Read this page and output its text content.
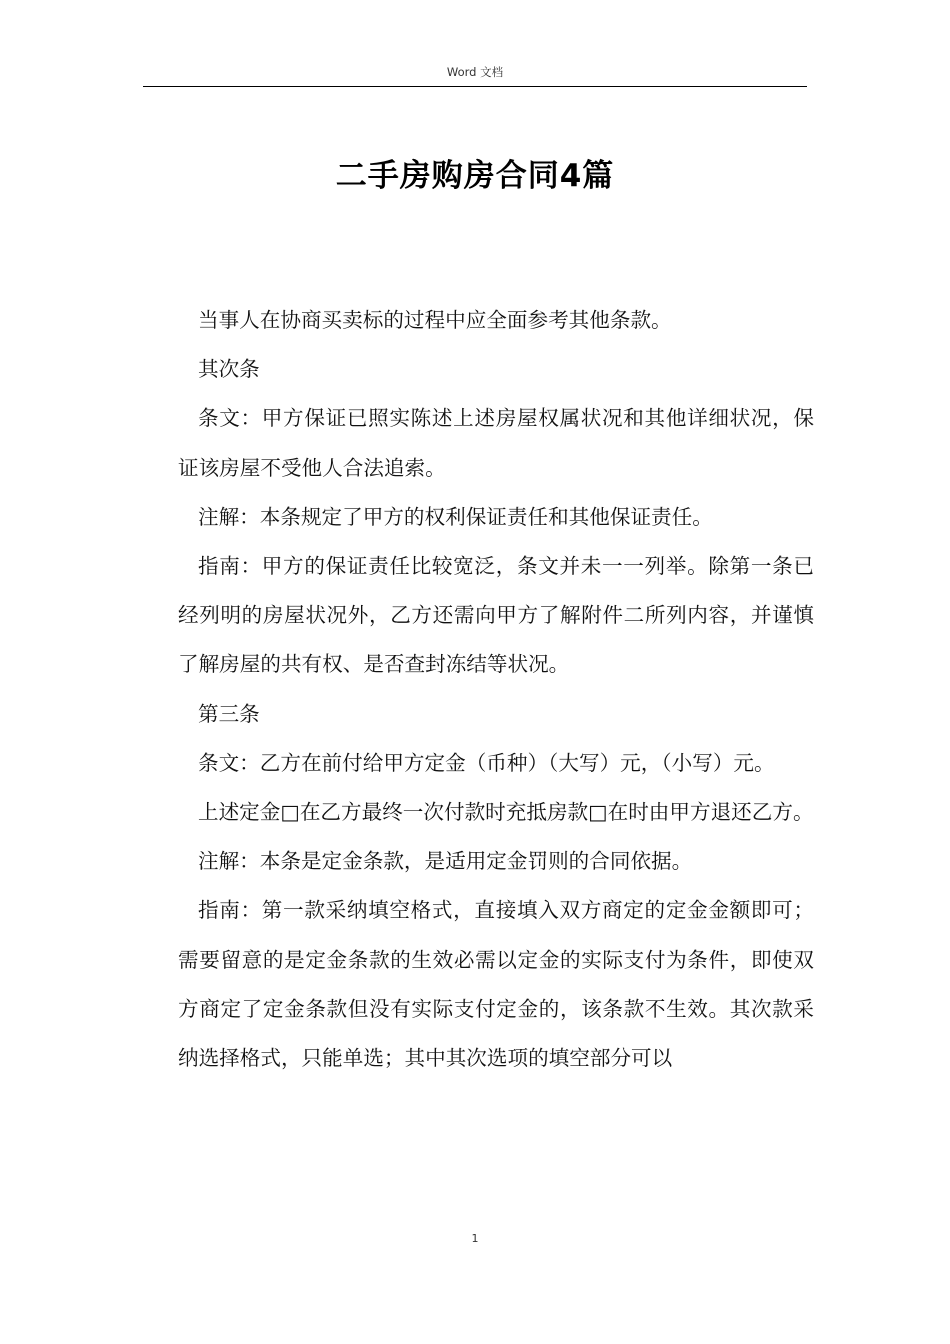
Word 文档
二手房购房合同4篇

当事人在协商买卖标的过程中应全面参考其他条款。

其次条

条文：甲方保证已照实陈述上述房屋权属状况和其他详细状况，保证该房屋不受他人合法追索。

注解：本条规定了甲方的权利保证责任和其他保证责任。

指南：甲方的保证责任比较宽泛，条文并未一一列举。除第一条已经列明的房屋状况外，乙方还需向甲方了解附件二所列内容，并谨慎了解房屋的共有权、是否查封冻结等状况。

第三条

条文：乙方在前付给甲方定金（币种）（大写）元，（小写）元。

上述定金□在乙方最终一次付款时充抵房款□在时由甲方退还乙方。

注解：本条是定金条款，是适用定金罚则的合同依据。

指南：第一款采纳填空格式，直接填入双方商定的定金金额即可；需要留意的是定金条款的生效必需以定金的实际支付为条件，即使双方商定了定金条款但没有实际支付定金的，该条款不生效。其次款采纳选择格式，只能单选；其中其次选项的填空部分可以

1
